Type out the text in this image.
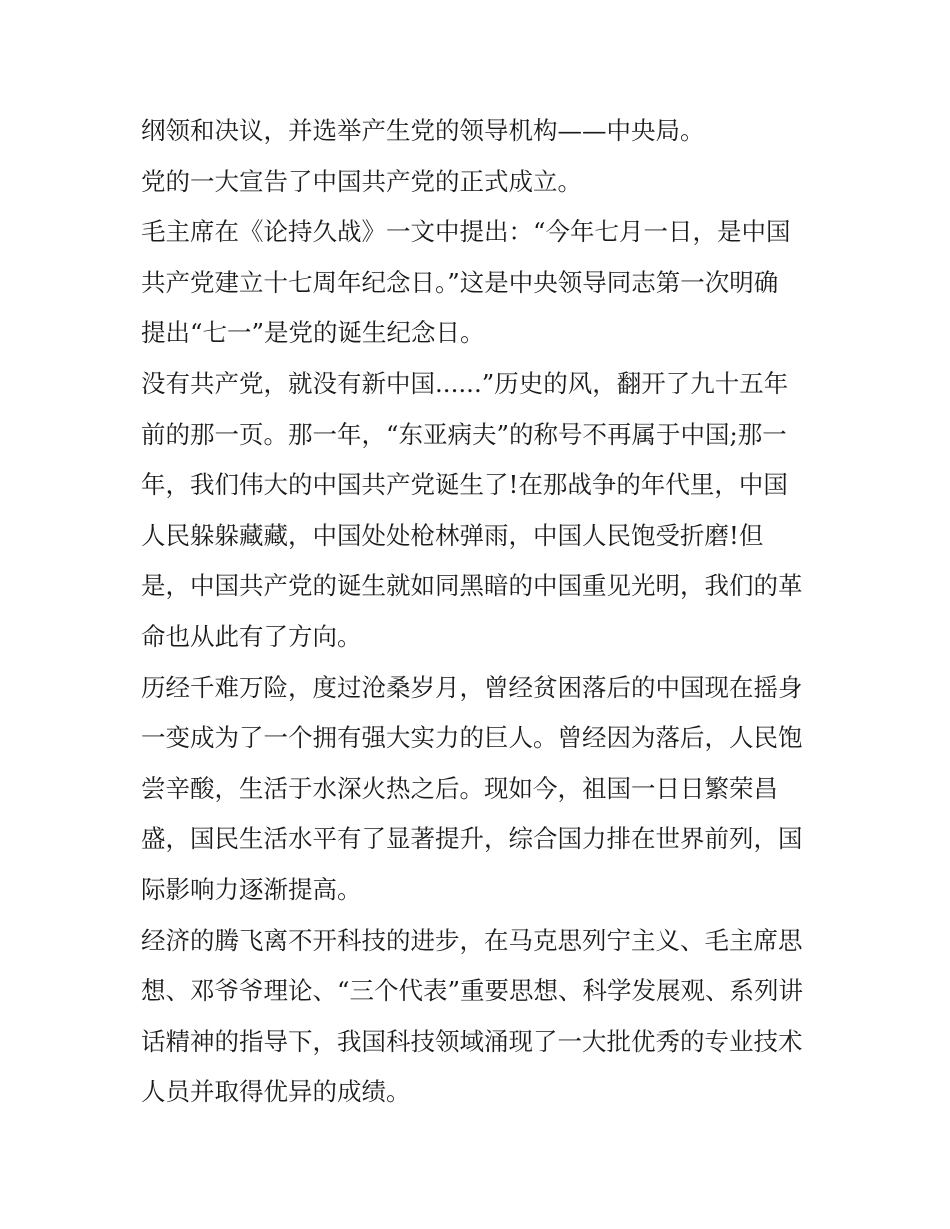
纲领和决议，并选举产生党的领导机构——中央局。
党的一大宣告了中国共产党的正式成立。
毛主席在《论持久战》一文中提出：“今年七月一日，是中国
共产党建立十七周年纪念日。”这是中央领导同志第一次明确
提出“七一”是党的诞生纪念日。
没有共产党，就没有新中国......”历史的风，翻开了九十五年
前的那一页。那一年，“东亚病夫”的称号不再属于中国;那一
年，我们伟大的中国共产党诞生了!在那战争的年代里，中国
人民躲躲藏藏，中国处处枪林弹雨，中国人民饱受折磨!但
是，中国共产党的诞生就如同黑暗的中国重见光明，我们的革
命也从此有了方向。
历经千难万险，度过沧桑岁月，曾经贫困落后的中国现在摇身
一变成为了一个拥有强大实力的巨人。曾经因为落后，人民饱
尝辛酸，生活于水深火热之后。现如今，祖国一日日繁荣昌
盛，国民生活水平有了显著提升，综合国力排在世界前列，国
际影响力逐渐提高。
经济的腾飞离不开科技的进步，在马克思列宁主义、毛主席思
想、邓爷爷理论、“三个代表”重要思想、科学发展观、系列讲
话精神的指导下，我国科技领域涌现了一大批优秀的专业技术
人员并取得优异的成绩。
